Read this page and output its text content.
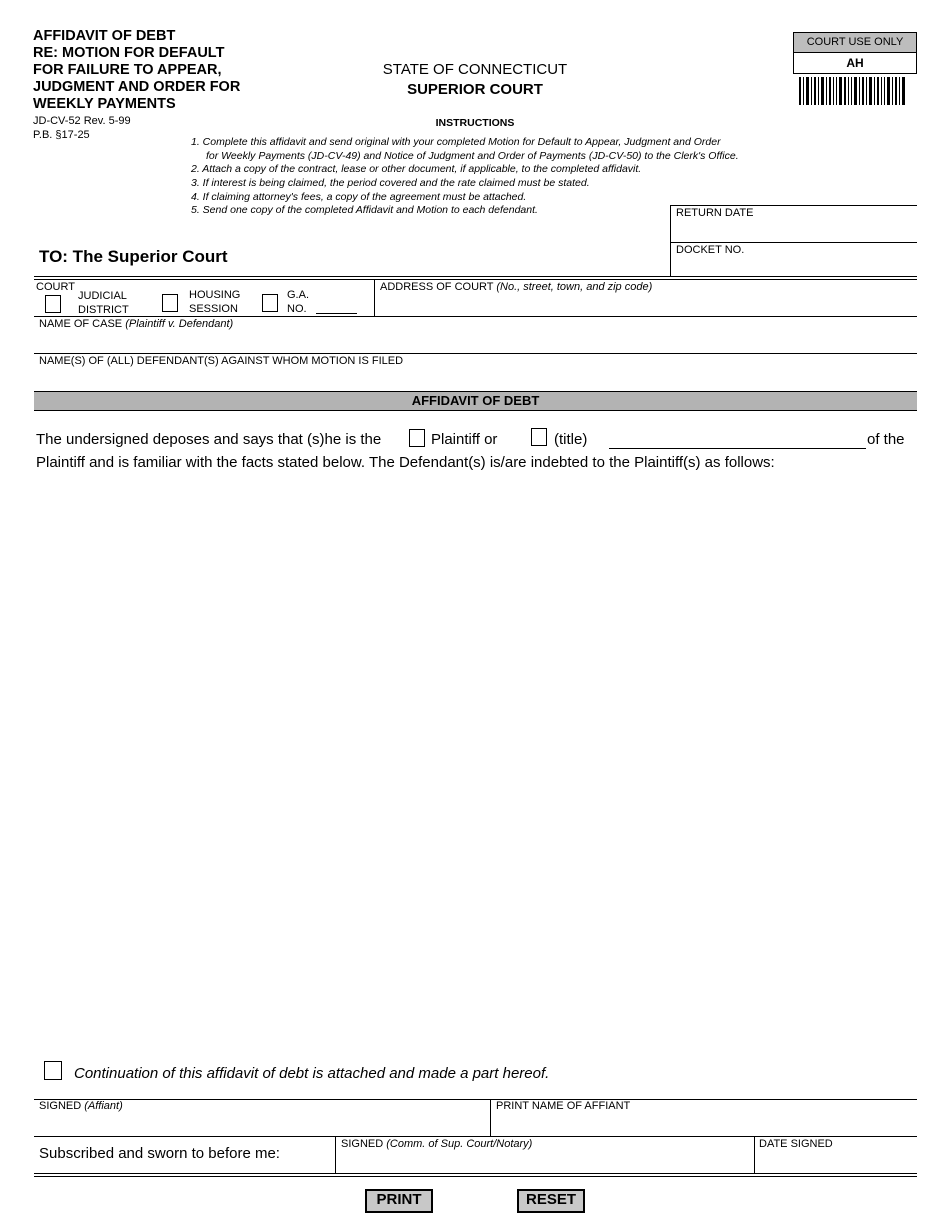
AFFIDAVIT OF DEBT
RE: MOTION FOR DEFAULT
FOR FAILURE TO APPEAR,
JUDGMENT AND ORDER FOR
WEEKLY PAYMENTS
JD-CV-52 Rev. 5-99
P.B. §17-25
STATE OF CONNECTICUT
SUPERIOR COURT
COURT USE ONLY
AH
INSTRUCTIONS
1. Complete this affidavit and send original with your completed Motion for Default to Appear, Judgment and Order
for Weekly Payments (JD-CV-49) and Notice of Judgment and Order of Payments (JD-CV-50) to the Clerk's Office.
2. Attach a copy of the contract, lease or other document, if applicable, to the completed affidavit.
3. If interest is being claimed, the period covered and the rate claimed must be stated.
4. If claiming attorney's fees, a copy of the agreement must be attached.
5. Send one copy of the completed Affidavit and Motion to each defendant.	RETURN DATE
DOCKET NO.
TO: The Superior Court
COURT
JUDICIAL
DISTRICT
HOUSING
SESSION
G.A.
NO.
ADDRESS OF COURT (No., street, town, and zip code)
NAME OF CASE (Plaintiff v. Defendant)
NAME(S) OF (ALL) DEFENDANT(S) AGAINST WHOM MOTION IS FILED
AFFIDAVIT OF DEBT
The undersigned deposes and says that (s)he is the	Plaintiff or	(title)	of the
Plaintiff and is familiar with the facts stated below. The Defendant(s) is/are indebted to the Plaintiff(s) as follows:
Continuation of this affidavit of debt is attached and made a part hereof.
SIGNED (Affiant)	PRINT NAME OF AFFIANT
Subscribed and sworn to before me:
SIGNED (Comm. of Sup. Court/Notary)	DATE SIGNED
PRINT	RESET
